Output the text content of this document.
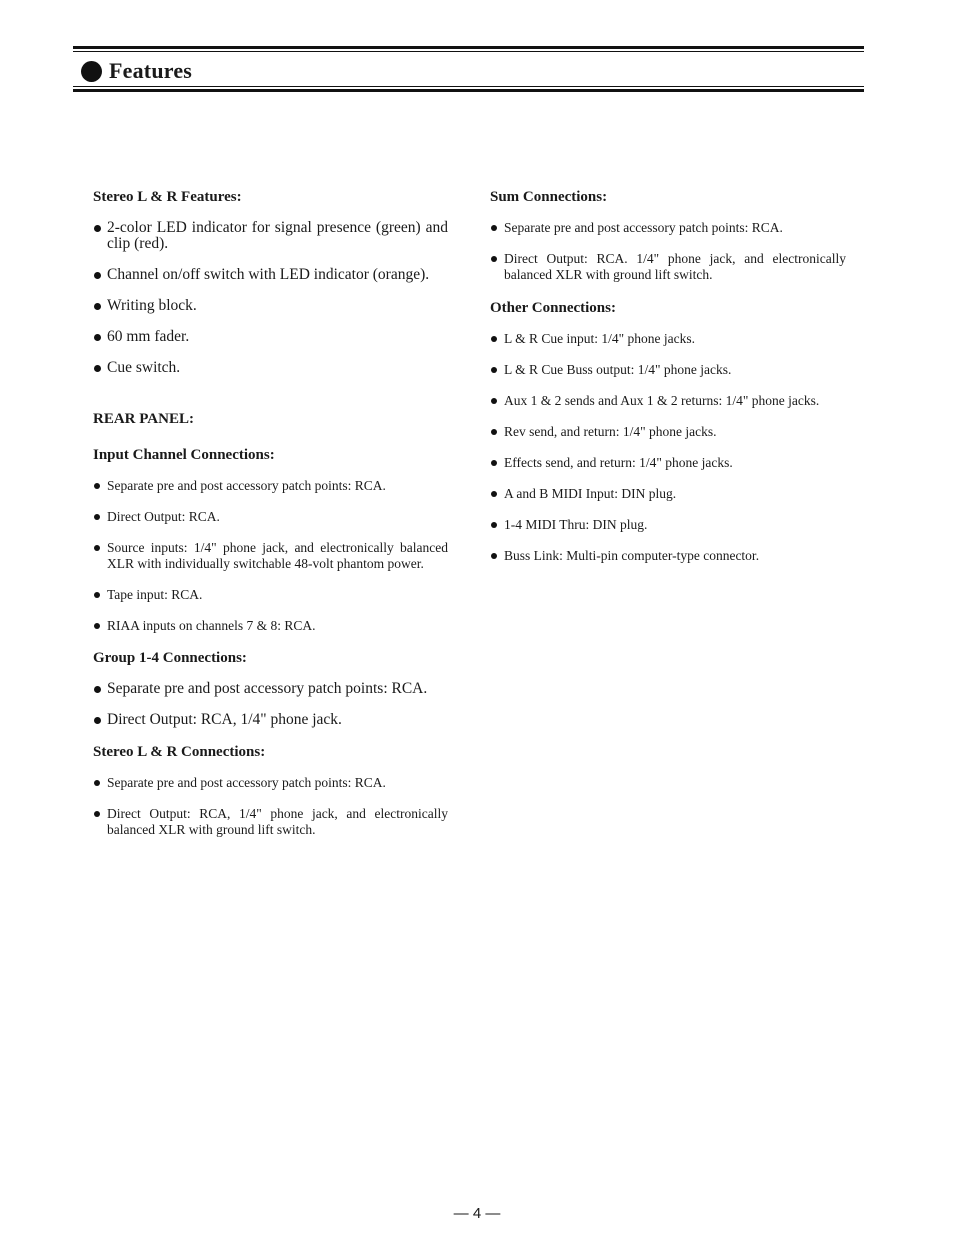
Features
Stereo L & R Features:
2-color LED indicator for signal presence (green) and clip (red).
Channel on/off switch with LED indicator (orange).
Writing block.
60 mm fader.
Cue switch.
REAR PANEL:
Input Channel Connections:
Separate pre and post accessory patch points: RCA.
Direct Output: RCA.
Source inputs: 1/4" phone jack, and electronically balanced XLR with individually switchable 48-volt phantom power.
Tape input: RCA.
RIAA inputs on channels 7 & 8: RCA.
Group 1-4 Connections:
Separate pre and post accessory patch points: RCA.
Direct Output: RCA, 1/4" phone jack.
Stereo L & R Connections:
Separate pre and post accessory patch points: RCA.
Direct Output: RCA, 1/4" phone jack, and electronically balanced XLR with ground lift switch.
Sum Connections:
Separate pre and post accessory patch points: RCA.
Direct Output: RCA. 1/4" phone jack, and electronically balanced XLR with ground lift switch.
Other Connections:
L & R Cue input: 1/4" phone jacks.
L & R Cue Buss output: 1/4" phone jacks.
Aux 1 & 2 sends and Aux 1 & 2 returns: 1/4" phone jacks.
Rev send, and return: 1/4" phone jacks.
Effects send, and return: 1/4" phone jacks.
A and B MIDI Input: DIN plug.
1-4 MIDI Thru: DIN plug.
Buss Link: Multi-pin computer-type connector.
— 4 —
